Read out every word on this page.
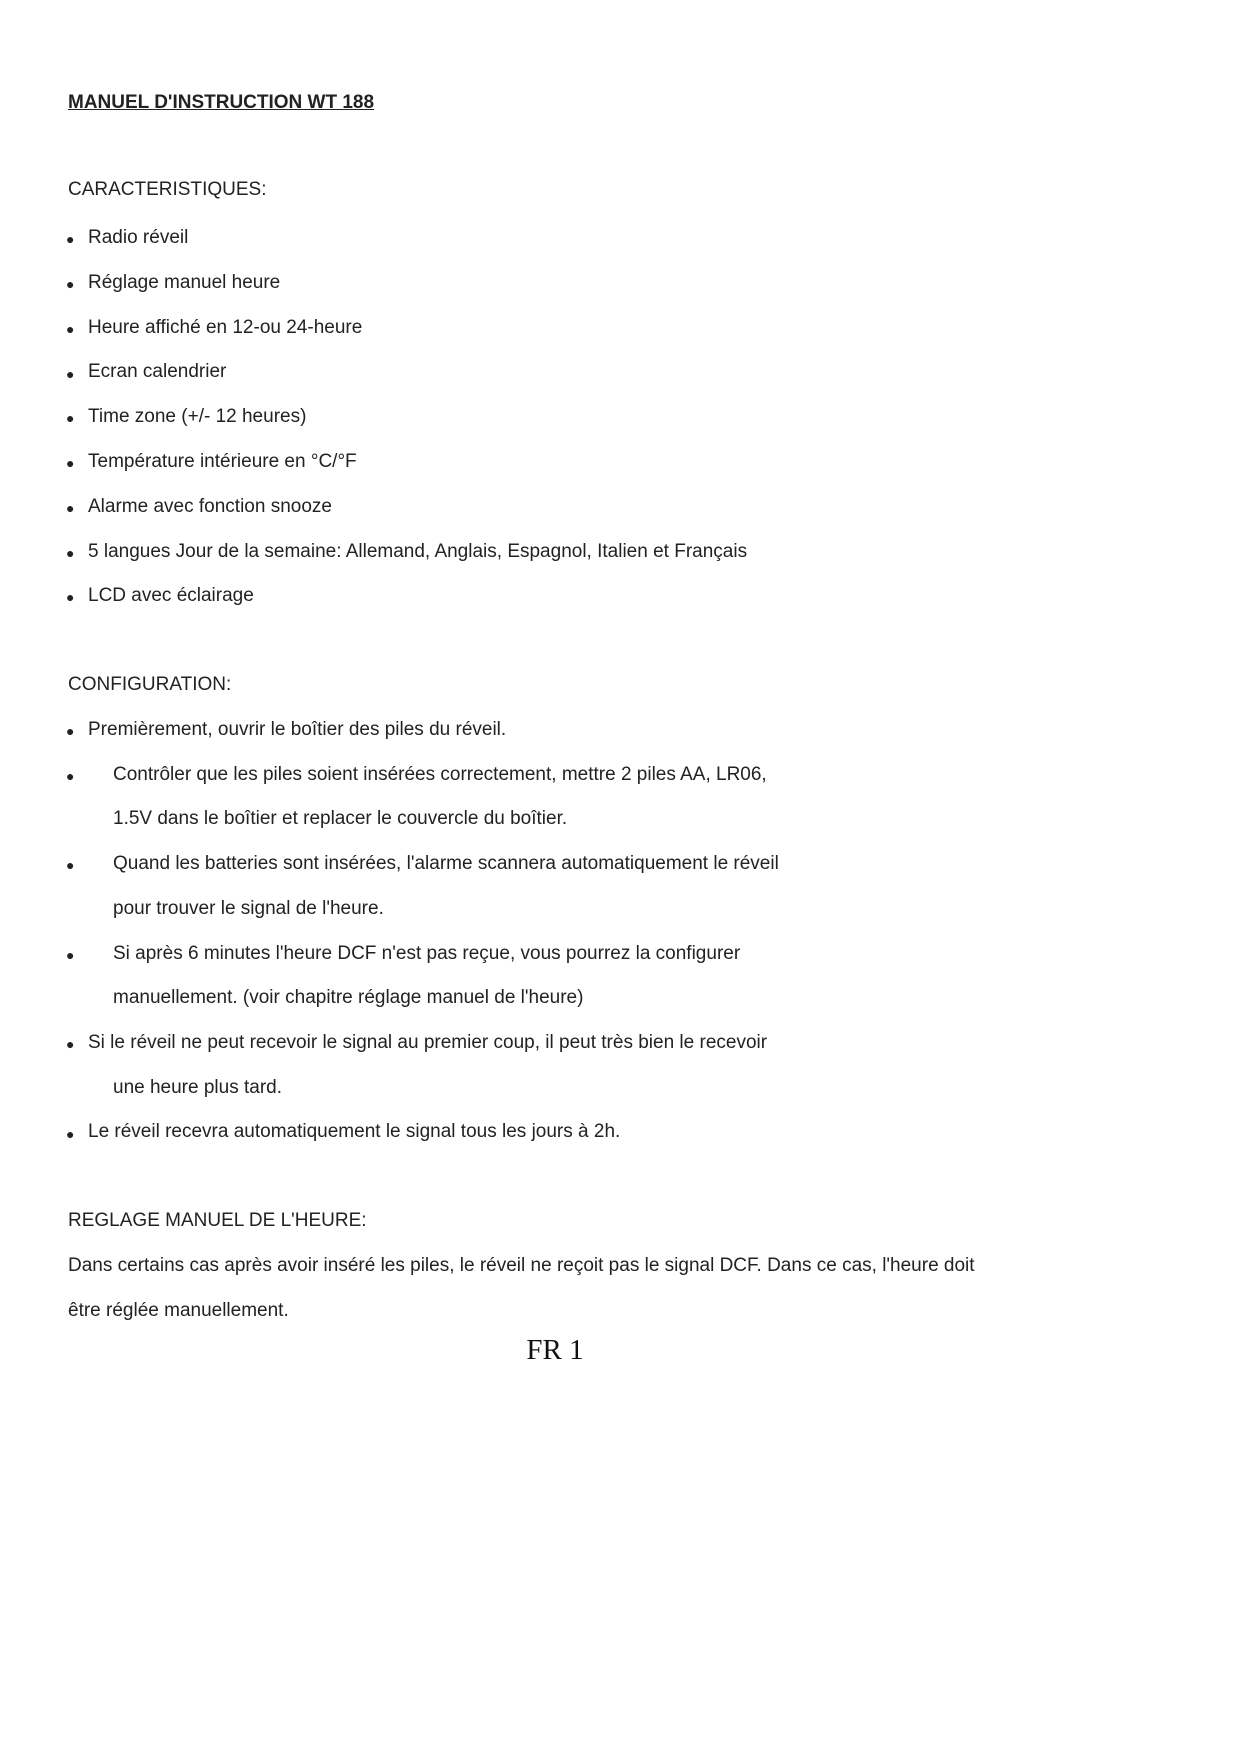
MANUEL D'INSTRUCTION WT 188
CARACTERISTIQUES:
● Radio réveil
● Réglage manuel heure
● Heure affiché en 12-ou 24-heure
● Ecran calendrier
● Time zone (+/- 12 heures)
● Température intérieure en °C/°F
● Alarme avec fonction snooze
● 5 langues Jour de la semaine: Allemand, Anglais, Espagnol, Italien et Français
● LCD avec éclairage
CONFIGURATION:
● Premièrement, ouvrir le boîtier des piles du réveil.
● Contrôler que les piles soient insérées correctement, mettre 2 piles AA, LR06,
1.5V dans le boîtier et replacer le couvercle du boîtier.
● Quand les batteries sont insérées, l'alarme scannera automatiquement le réveil
pour trouver le signal de l'heure.
● Si après 6 minutes l'heure DCF n'est pas reçue, vous pourrez la configurer
manuellement. (voir chapitre réglage manuel de l'heure)
● Si le réveil ne peut recevoir le signal au premier coup, il peut très bien le recevoir
une heure plus tard.
● Le réveil recevra automatiquement le signal tous les jours à 2h.
REGLAGE MANUEL DE L'HEURE:
Dans certains cas après avoir inséré les piles, le réveil ne reçoit pas le signal DCF. Dans ce cas, l'heure doit
être réglée manuellement.
FR 1
